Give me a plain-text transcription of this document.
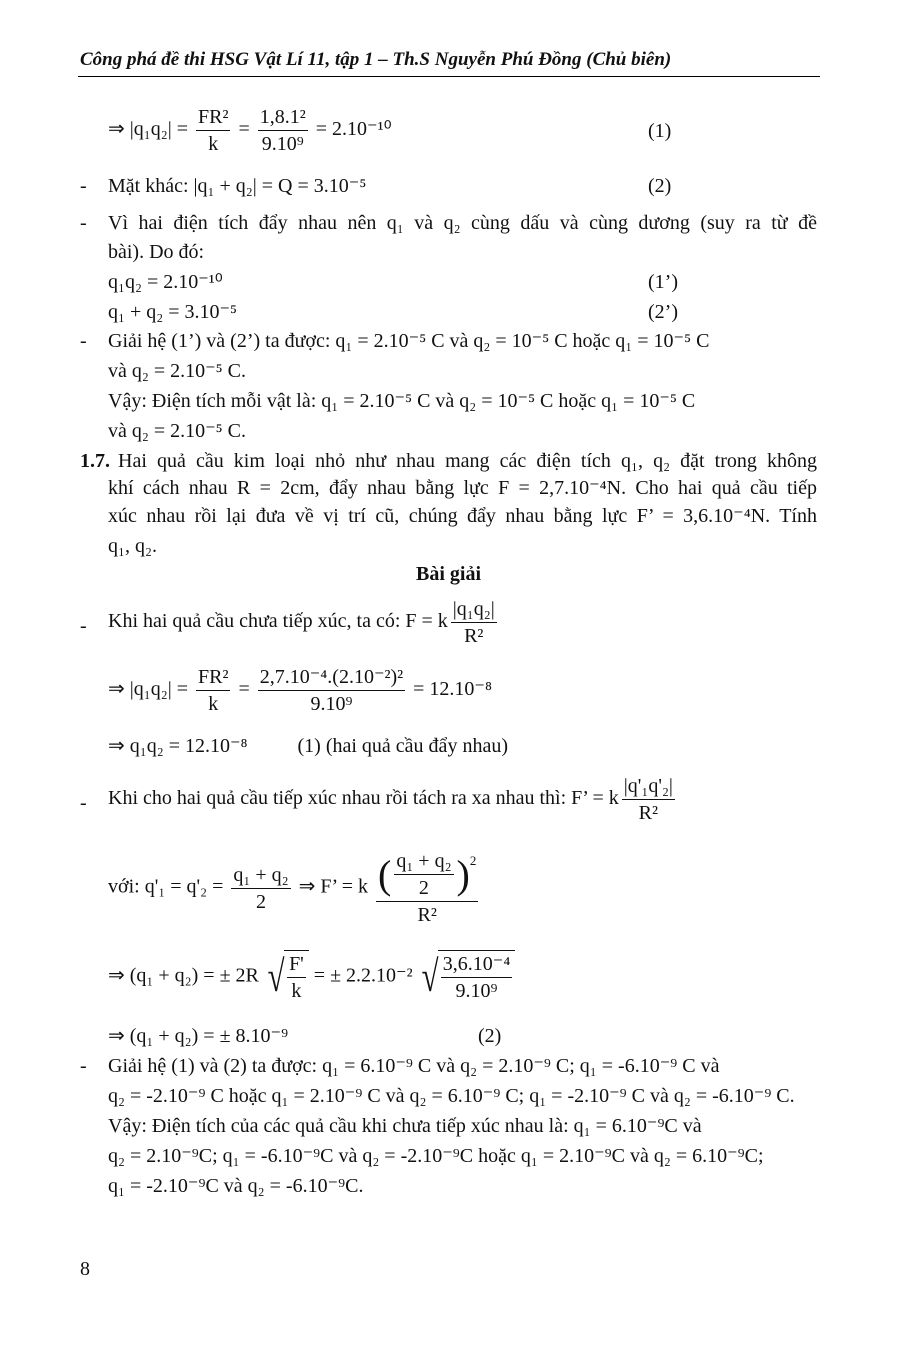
Công phá đề thi HSG Vật Lí 11, tập 1 – Th.S Nguyễn Phú Đồng (Chủ biên)
⇒ $|q_1q_2| = \frac{\text{FR²}}{k} = \frac{\text{1,8.1²}}{\text{9.10⁹}} = 2.10^{-10}$	(1)
- Mặt khác: |q₁ + q₂| = Q = 3.10⁻⁵	(2)
- Vì hai điện tích đẩy nhau nên q₁ và q₂ cùng dấu và cùng dương (suy ra từ đề
bài). Do đó:
q₁q₂ = 2.10⁻¹⁰	(1’)
q₁ + q₂ = 3.10⁻⁵	(2’)
- Giải hệ (1’) và (2’) ta được: q₁ = 2.10⁻⁵ C và q₂ = 10⁻⁵ C hoặc q₁ = 10⁻⁵ C
và q₂ = 2.10⁻⁵ C.
Vậy: Điện tích mỗi vật là: q₁ = 2.10⁻⁵ C và q₂ = 10⁻⁵ C hoặc q₁ = 10⁻⁵ C
và q₂ = 2.10⁻⁵ C.
1.7. Hai quả cầu kim loại nhỏ như nhau mang các điện tích q₁, q₂ đặt trong không
khí cách nhau R = 2cm, đẩy nhau bằng lực F = 2,7.10⁻⁴N. Cho hai quả cầu tiếp
xúc nhau rồi lại đưa về vị trí cũ, chúng đẩy nhau bằng lực F’ = 3,6.10⁻⁴N. Tính
q₁, q₂.
Bài giải
- Khi hai quả cầu chưa tiếp xúc, ta có: F = k $\frac{\text{|q₁q₂|}}{\text{R²}}$
⇒ $|q_1q_2| = \frac{\text{FR²}}{k} = \frac{\text{2,7.10⁻⁴.(2.10⁻²)²}}{\text{9.10⁹}} = 12.10^{-8}$
⇒ q₁q₂ = 12.10⁻⁸	(1) (hai quả cầu đẩy nhau)
- Khi cho hai quả cầu tiếp xúc nhau rồi tách ra xa nhau thì: F’ = k $\frac{\text{|q'₁q'₂|}}{\text{R²}}$
với: $q'_1 = q'_2 = \frac{\text{q₁ + q₂}}{2}$ ⇒ F’ = k $\frac{( \frac{\text{q₁ + q₂}}{2} )^2}{\text{R²}}$
⇒ (q₁ + q₂) = ± 2R √ $\frac{F'}{k}$ = ± 2.2.10⁻² √ $\frac{\text{3,6.10⁻⁴}}{\text{9.10⁹}}$
⇒ (q₁ + q₂) = ± 8.10⁻⁹	(2)
- Giải hệ (1) và (2) ta được: q₁ = 6.10⁻⁹ C và q₂ = 2.10⁻⁹ C; q₁ = -6.10⁻⁹ C và
q₂ = -2.10⁻⁹ C hoặc q₁ = 2.10⁻⁹ C và q₂ = 6.10⁻⁹ C; q₁ = -2.10⁻⁹ C và q₂ = -6.10⁻⁹ C.
Vậy: Điện tích của các quả cầu khi chưa tiếp xúc nhau là: q₁ = 6.10⁻⁹C và
q₂ = 2.10⁻⁹C; q₁ = -6.10⁻⁹C và q₂ = -2.10⁻⁹C hoặc q₁ = 2.10⁻⁹C và q₂ = 6.10⁻⁹C;
q₁ = -2.10⁻⁹C và q₂ = -6.10⁻⁹C.
8
